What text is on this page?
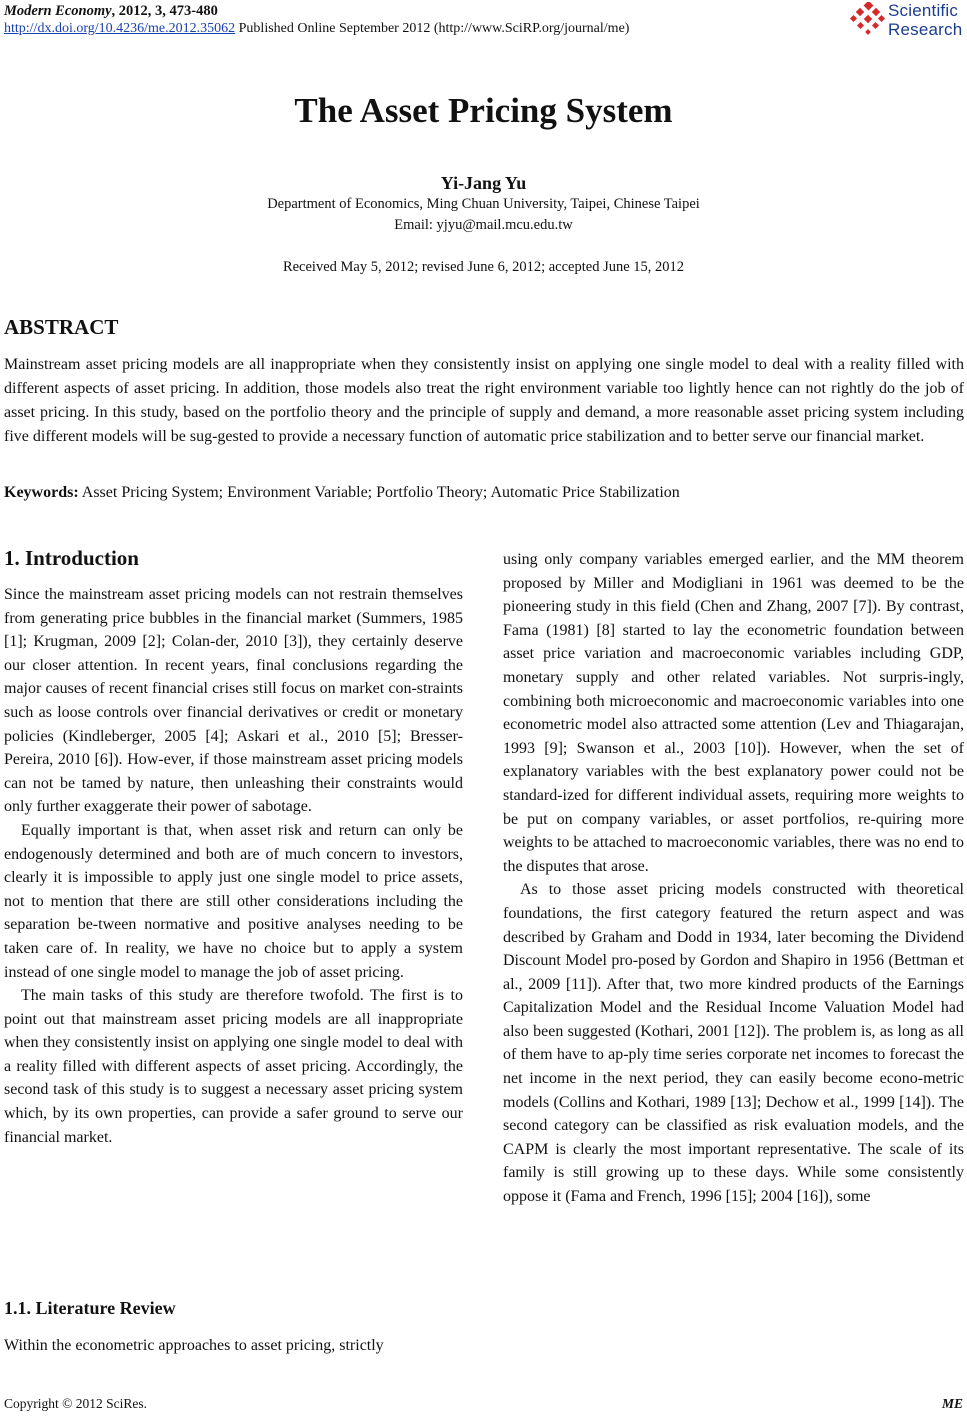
Modern Economy, 2012, 3, 473-480
http://dx.doi.org/10.4236/me.2012.35062 Published Online September 2012 (http://www.SciRP.org/journal/me)
Scientific
Research
The Asset Pricing System
Yi-Jang Yu
Department of Economics, Ming Chuan University, Taipei, Chinese Taipei
Email: yjyu@mail.mcu.edu.tw
Received May 5, 2012; revised June 6, 2012; accepted June 15, 2012
ABSTRACT
Mainstream asset pricing models are all inappropriate when they consistently insist on applying one single model to deal with a reality filled with different aspects of asset pricing. In addition, those models also treat the right environment variable too lightly hence can not rightly do the job of asset pricing. In this study, based on the portfolio theory and the principle of supply and demand, a more reasonable asset pricing system including five different models will be sug-gested to provide a necessary function of automatic price stabilization and to better serve our financial market.
Keywords: Asset Pricing System; Environment Variable; Portfolio Theory; Automatic Price Stabilization
1. Introduction

Since the mainstream asset pricing models can not restrain themselves from generating price bubbles in the financial market (Summers, 1985 [1]; Krugman, 2009 [2]; Colan-der, 2010 [3]), they certainly deserve our closer attention. In recent years, final conclusions regarding the major causes of recent financial crises still focus on market con-straints such as loose controls over financial derivatives or credit or monetary policies (Kindleberger, 2005 [4]; Askari et al., 2010 [5]; Bresser-Pereira, 2010 [6]). How-ever, if those mainstream asset pricing models can not be tamed by nature, then unleashing their constraints would only further exaggerate their power of sabotage.

Equally important is that, when asset risk and return can only be endogenously determined and both are of much concern to investors, clearly it is impossible to apply just one single model to price assets, not to mention that there are still other considerations including the separation be-tween normative and positive analyses needing to be taken care of. In reality, we have no choice but to apply a system instead of one single model to manage the job of asset pricing.

The main tasks of this study are therefore twofold. The first is to point out that mainstream asset pricing models are all inappropriate when they consistently insist on applying one single model to deal with a reality filled with different aspects of asset pricing. Accordingly, the second task of this study is to suggest a necessary asset pricing system which, by its own properties, can provide a safer ground to serve our financial market.

1.1. Literature Review

Within the econometric approaches to asset pricing, strictly

using only company variables emerged earlier, and the MM theorem proposed by Miller and Modigliani in 1961 was deemed to be the pioneering study in this field (Chen and Zhang, 2007 [7]). By contrast, Fama (1981) [8] started to lay the econometric foundation between asset price variation and macroeconomic variables including GDP, monetary supply and other related variables. Not surpris-ingly, combining both microeconomic and macroeconomic variables into one econometric model also attracted some attention (Lev and Thiagarajan, 1993 [9]; Swanson et al., 2003 [10]). However, when the set of explanatory variables with the best explanatory power could not be standard-ized for different individual assets, requiring more weights to be put on company variables, or asset portfolios, re-quiring more weights to be attached to macroeconomic variables, there was no end to the disputes that arose.

As to those asset pricing models constructed with theoretical foundations, the first category featured the return aspect and was described by Graham and Dodd in 1934, later becoming the Dividend Discount Model pro-posed by Gordon and Shapiro in 1956 (Bettman et al., 2009 [11]). After that, two more kindred products of the Earnings Capitalization Model and the Residual Income Valuation Model had also been suggested (Kothari, 2001 [12]). The problem is, as long as all of them have to ap-ply time series corporate net incomes to forecast the net income in the next period, they can easily become econo-metric models (Collins and Kothari, 1989 [13]; Dechow et al., 1999 [14]). The second category can be classified as risk evaluation models, and the CAPM is clearly the most important representative. The scale of its family is still growing up to these days. While some consistently oppose it (Fama and French, 1996 [15]; 2004 [16]), some

Copyright © 2012 SciRes.	ME
